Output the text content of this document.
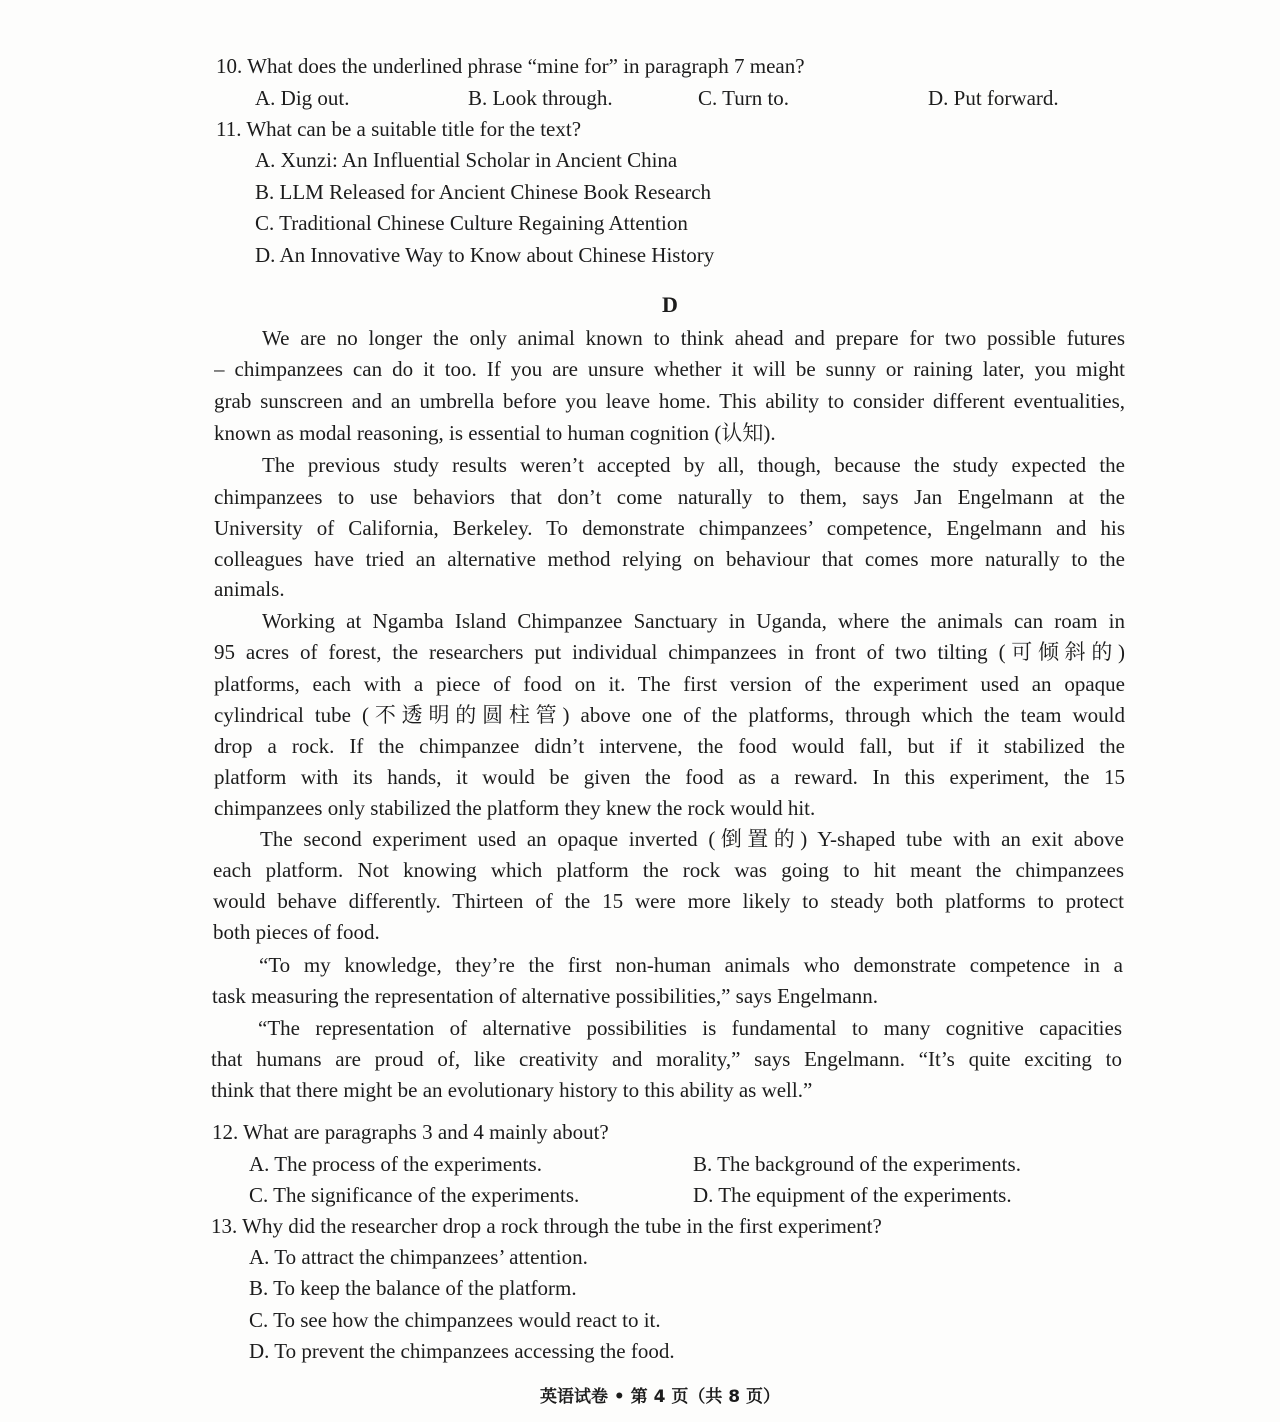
10. What does the underlined phrase “mine for” in paragraph 7 mean?
A. Dig out.	B. Look through.	C. Turn to.	D. Put forward.
11. What can be a suitable title for the text?
A. Xunzi: An Influential Scholar in Ancient China
B. LLM Released for Ancient Chinese Book Research
C. Traditional Chinese Culture Regaining Attention
D. An Innovative Way to Know about Chinese History
D
We are no longer the only animal known to think ahead and prepare for two possible futures
– chimpanzees can do it too. If you are unsure whether it will be sunny or raining later, you might
grab sunscreen and an umbrella before you leave home. This ability to consider different eventualities,
known as modal reasoning, is essential to human cognition (认知).
The previous study results weren’t accepted by all, though, because the study expected the
chimpanzees to use behaviors that don’t come naturally to them, says Jan Engelmann at the
University of California, Berkeley. To demonstrate chimpanzees’ competence, Engelmann and his
colleagues have tried an alternative method relying on behaviour that comes more naturally to the
animals.
Working at Ngamba Island Chimpanzee Sanctuary in Uganda, where the animals can roam in
95 acres of forest, the researchers put individual chimpanzees in front of two tilting (可倾斜的)
platforms, each with a piece of food on it. The first version of the experiment used an opaque
cylindrical tube (不透明的圆柱管) above one of the platforms, through which the team would
drop a rock. If the chimpanzee didn’t intervene, the food would fall, but if it stabilized the
platform with its hands, it would be given the food as a reward. In this experiment, the 15
chimpanzees only stabilized the platform they knew the rock would hit.
The second experiment used an opaque inverted (倒置的) Y-shaped tube with an exit above
each platform. Not knowing which platform the rock was going to hit meant the chimpanzees
would behave differently. Thirteen of the 15 were more likely to steady both platforms to protect
both pieces of food.
“To my knowledge, they’re the first non-human animals who demonstrate competence in a
task measuring the representation of alternative possibilities,” says Engelmann.
“The representation of alternative possibilities is fundamental to many cognitive capacities
that humans are proud of, like creativity and morality,” says Engelmann. “It’s quite exciting to
think that there might be an evolutionary history to this ability as well.”
12. What are paragraphs 3 and 4 mainly about?
A. The process of the experiments.	B. The background of the experiments.
C. The significance of the experiments.	D. The equipment of the experiments.
13. Why did the researcher drop a rock through the tube in the first experiment?
A. To attract the chimpanzees’ attention.
B. To keep the balance of the platform.
C. To see how the chimpanzees would react to it.
D. To prevent the chimpanzees accessing the food.
英语试卷 • 第 4 页（共 8 页）
